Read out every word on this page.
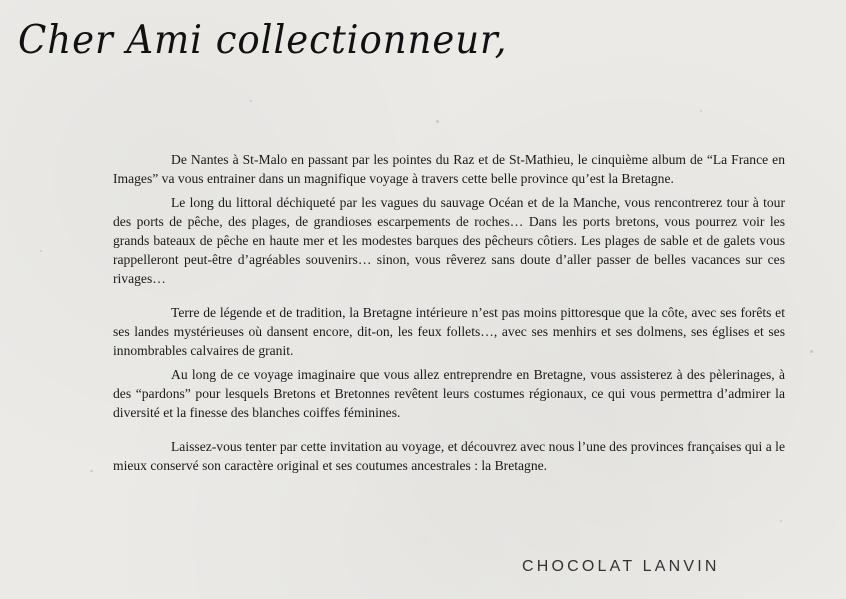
Cher Ami collectionneur,

De Nantes à St-Malo en passant par les pointes du Raz et de St-Mathieu, le cinquième album de “La France en Images” va vous entrainer dans un magnifique voyage à travers cette belle province qu’est la Bretagne.

Le long du littoral déchiqueté par les vagues du sauvage Océan et de la Manche, vous rencontrerez tour à tour des ports de pêche, des plages, de grandioses escarpements de roches… Dans les ports bretons, vous pourrez voir les grands bateaux de pêche en haute mer et les modestes barques des pêcheurs côtiers. Les plages de sable et de galets vous rappelleront peut-être d’agréables souvenirs… sinon, vous rêverez sans doute d’aller passer de belles vacances sur ces rivages…

Terre de légende et de tradition, la Bretagne intérieure n’est pas moins pittoresque que la côte, avec ses forêts et ses landes mystérieuses où dansent encore, dit-on, les feux follets…, avec ses menhirs et ses dolmens, ses églises et ses innombrables calvaires de granit.

Au long de ce voyage imaginaire que vous allez entreprendre en Bretagne, vous assisterez à des pèlerinages, à des “pardons” pour lesquels Bretons et Bretonnes revêtent leurs costumes régionaux, ce qui vous permettra d’admirer la diversité et la finesse des blanches coiffes féminines.

Laissez-vous tenter par cette invitation au voyage, et découvrez avec nous l’une des provinces françaises qui a le mieux conservé son caractère original et ses coutumes ancestrales : la Bretagne.

CHOCOLAT LANVIN
